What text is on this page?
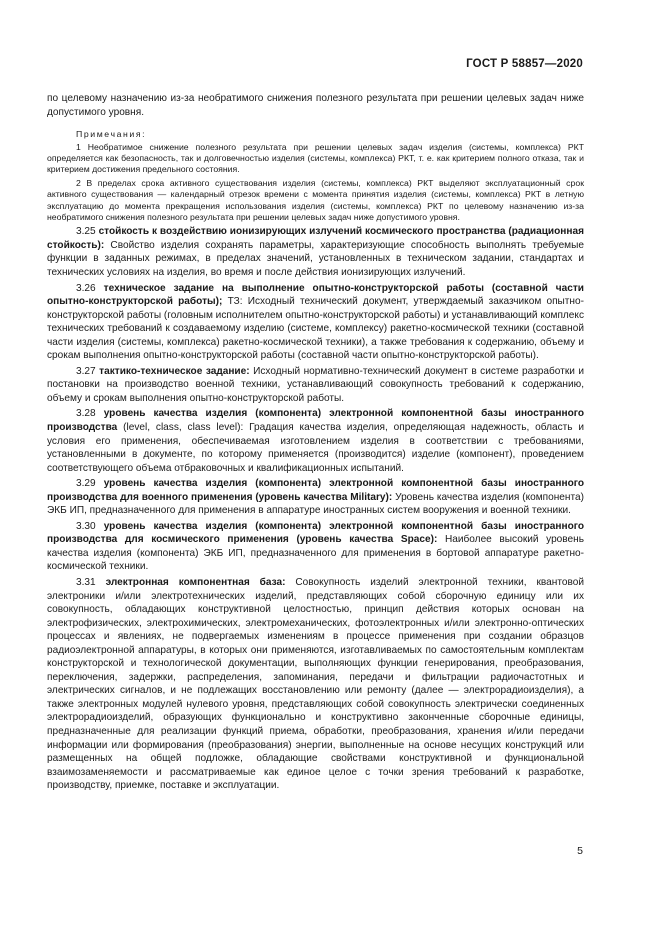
ГОСТ Р 58857—2020

по целевому назначению из-за необратимого снижения полезного результата при решении целевых задач ниже допустимого уровня.

Примечания:

1 Необратимое снижение полезного результата при решении целевых задач изделия (системы, комплекса) РКТ определяется как безопасность, так и долговечностью изделия (системы, комплекса) РКТ, т. е. как критерием полного отказа, так и критерием достижения предельного состояния.

2 В пределах срока активного существования изделия (системы, комплекса) РКТ выделяют эксплуатационный срок активного существования — календарный отрезок времени с момента принятия изделия (системы, комплекса) РКТ в летную эксплуатацию до момента прекращения использования изделия (системы, комплекса) РКТ по целевому назначению из-за необратимого снижения полезного результата при решении целевых задач ниже допустимого уровня.

3.25 стойкость к воздействию ионизирующих излучений космического пространства (радиационная стойкость): Свойство изделия сохранять параметры, характеризующие способность выполнять требуемые функции в заданных режимах, в пределах значений, установленных в техническом задании, стандартах и технических условиях на изделия, во время и после действия ионизирующих излучений.

3.26 техническое задание на выполнение опытно-конструкторской работы (составной части опытно-конструкторской работы); ТЗ: Исходный технический документ, утверждаемый заказчиком опытно-конструкторской работы (головным исполнителем опытно-конструкторской работы) и устанавливающий комплекс технических требований к создаваемому изделию (системе, комплексу) ракетно-космической техники (составной части изделия (системы, комплекса) ракетно-космической техники), а также требования к содержанию, объему и срокам выполнения опытно-конструкторской работы (составной части опытно-конструкторской работы).

3.27 тактико-техническое задание: Исходный нормативно-технический документ в системе разработки и постановки на производство военной техники, устанавливающий совокупность требований к содержанию, объему и срокам выполнения опытно-конструкторской работы.

3.28 уровень качества изделия (компонента) электронной компонентной базы иностранного производства (level, class, class level): Градация качества изделия, определяющая надежность, область и условия его применения, обеспечиваемая изготовлением изделия в соответствии с требованиями, установленными в документе, по которому применяется (производится) изделие (компонент), проведением соответствующего объема отбраковочных и квалификационных испытаний.

3.29 уровень качества изделия (компонента) электронной компонентной базы иностранного производства для военного применения (уровень качества Military): Уровень качества изделия (компонента) ЭКБ ИП, предназначенного для применения в аппаратуре иностранных систем вооружения и военной техники.

3.30 уровень качества изделия (компонента) электронной компонентной базы иностранного производства для космического применения (уровень качества Space): Наиболее высокий уровень качества изделия (компонента) ЭКБ ИП, предназначенного для применения в бортовой аппаратуре ракетно-космической техники.

3.31 электронная компонентная база: Совокупность изделий электронной техники, квантовой электроники и/или электротехнических изделий, представляющих собой сборочную единицу или их совокупность, обладающих конструктивной целостностью, принцип действия которых основан на электрофизических, электрохимических, электромеханических, фотоэлектронных и/или электронно-оптических процессах и явлениях, не подвергаемых изменениям в процессе применения при создании образцов радиоэлектронной аппаратуры, в которых они применяются, изготавливаемых по самостоятельным комплектам конструкторской и технологической документации, выполняющих функции генерирования, преобразования, переключения, задержки, распределения, запоминания, передачи и фильтрации радиочастотных и электрических сигналов, и не подлежащих восстановлению или ремонту (далее — электрорадиоизделия), а также электронных модулей нулевого уровня, представляющих собой совокупность электрически соединенных электрорадиоизделий, образующих функционально и конструктивно законченные сборочные единицы, предназначенные для реализации функций приема, обработки, преобразования, хранения и/или передачи информации или формирования (преобразования) энергии, выполненные на основе несущих конструкций или размещенных на общей подложке, обладающие свойствами конструктивной и функциональной взаимозаменяемости и рассматриваемые как единое целое с точки зрения требований к разработке, производству, приемке, поставке и эксплуатации.

5
